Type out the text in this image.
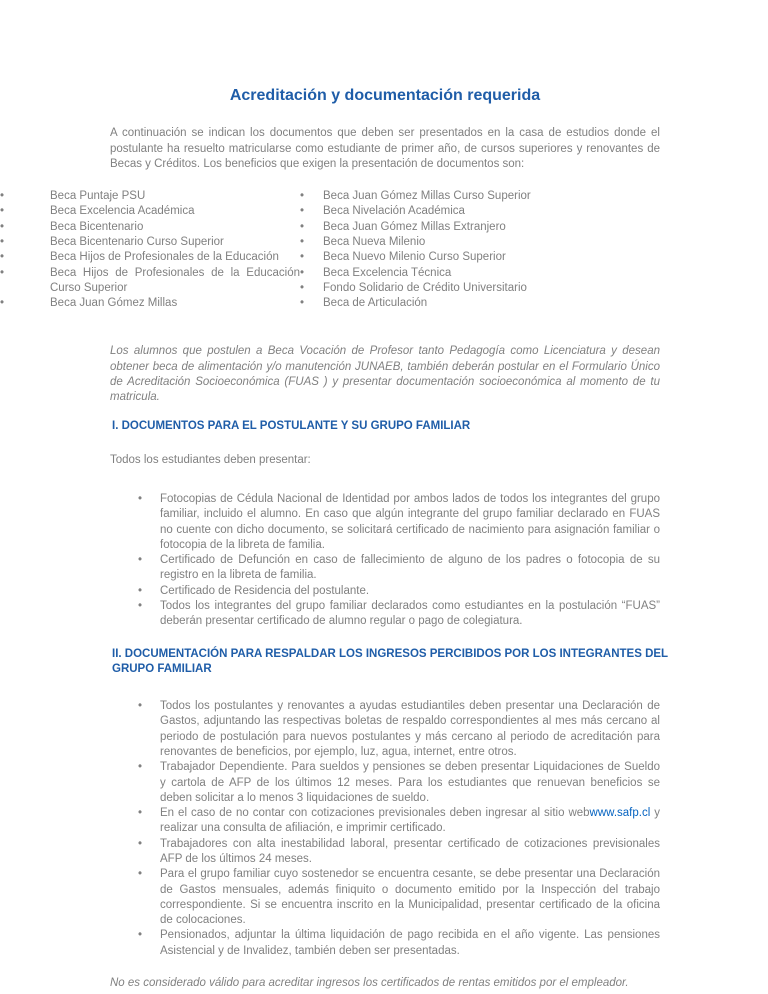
Acreditación y documentación requerida

A continuación se indican los documentos que deben ser presentados en la casa de estudios donde el postulante ha resuelto matricularse como estudiante de primer año, de cursos superiores y renovantes de Becas y Créditos. Los beneficios que exigen la presentación de documentos son:

• Beca Puntaje PSU
• Beca Excelencia Académica
• Beca Bicentenario
• Beca Bicentenario Curso Superior
• Beca Hijos de Profesionales de la Educación
• Beca Hijos de Profesionales de la Educación Curso Superior
• Beca Juan Gómez Millas
• Beca Juan Gómez Millas Curso Superior
• Beca Nivelación Académica
• Beca Juan Gómez Millas Extranjero
• Beca Nueva Milenio
• Beca Nuevo Milenio Curso Superior
• Beca Excelencia Técnica
• Fondo Solidario de Crédito Universitario
• Beca de Articulación

Los alumnos que postulen a Beca Vocación de Profesor tanto Pedagogía como Licenciatura y desean obtener beca de alimentación y/o manutención JUNAEB, también deberán postular en el Formulario Único de Acreditación Socioeconómica (FUAS ) y presentar documentación socioeconómica al momento de tu matricula.

I. DOCUMENTOS PARA EL POSTULANTE Y SU GRUPO FAMILIAR

Todos los estudiantes deben presentar:

• Fotocopias de Cédula Nacional de Identidad por ambos lados de todos los integrantes del grupo familiar, incluido el alumno. En caso que algún integrante del grupo familiar declarado en FUAS no cuente con dicho documento, se solicitará certificado de nacimiento para asignación familiar o fotocopia de la libreta de familia.
• Certificado de Defunción en caso de fallecimiento de alguno de los padres o fotocopia de su registro en la libreta de familia.
• Certificado de Residencia del postulante.
• Todos los integrantes del grupo familiar declarados como estudiantes en la postulación “FUAS” deberán presentar certificado de alumno regular o pago de colegiatura.
II. DOCUMENTACIÓN PARA RESPALDAR LOS INGRESOS PERCIBIDOS POR LOS INTEGRANTES DEL GRUPO FAMILIAR
• Todos los postulantes y renovantes a ayudas estudiantiles deben presentar una Declaración de Gastos, adjuntando las respectivas boletas de respaldo correspondientes al mes más cercano al periodo de postulación para nuevos postulantes y más cercano al periodo de acreditación para renovantes de beneficios, por ejemplo, luz, agua, internet, entre otros.
• Trabajador Dependiente. Para sueldos y pensiones se deben presentar Liquidaciones de Sueldo y cartola de AFP de los últimos 12 meses. Para los estudiantes que renuevan beneficios se deben solicitar a lo menos 3 liquidaciones de sueldo.
• En el caso de no contar con cotizaciones previsionales deben ingresar al sitio webwww.safp.cl y realizar una consulta de afiliación, e imprimir certificado.
• Trabajadores con alta inestabilidad laboral, presentar certificado de cotizaciones previsionales AFP de los últimos 24 meses.
• Para el grupo familiar cuyo sostenedor se encuentra cesante, se debe presentar una Declaración de Gastos mensuales, además finiquito o documento emitido por la Inspección del trabajo correspondiente. Si se encuentra inscrito en la Municipalidad, presentar certificado de la oficina de colocaciones.
• Pensionados, adjuntar la última liquidación de pago recibida en el año vigente. Las pensiones Asistencial y de Invalidez, también deben ser presentadas.

No es considerado válido para acreditar ingresos los certificados de rentas emitidos por el empleador.
